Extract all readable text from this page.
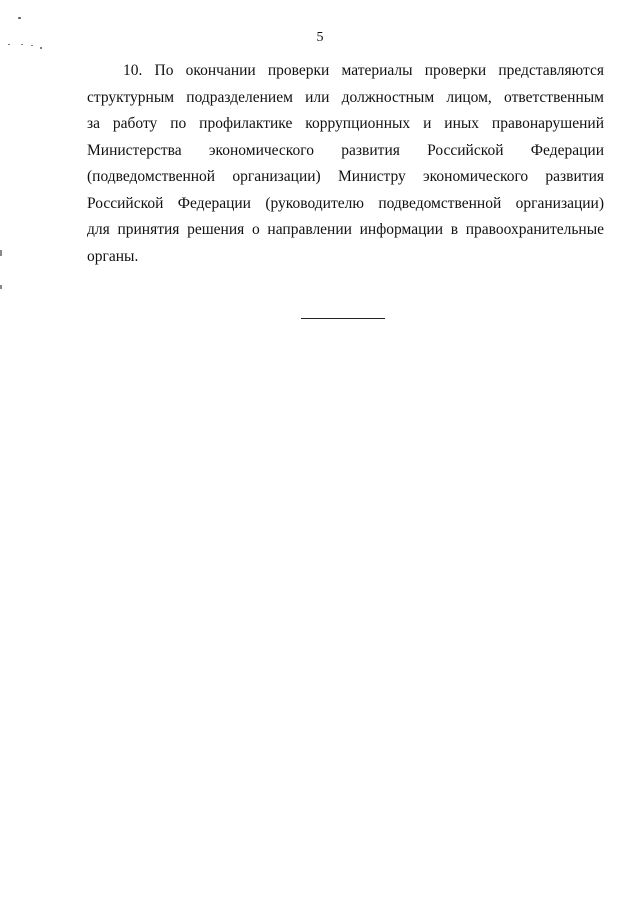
5
10. По окончании проверки материалы проверки представляются
структурным подразделением или должностным лицом, ответственным
за работу по профилактике коррупционных и иных правонарушений
Министерства экономического развития Российской Федерации
(подведомственной организации) Министру экономического развития
Российской Федерации (руководителю подведомственной организации)
для принятия решения о направлении информации в правоохранительные
органы.
